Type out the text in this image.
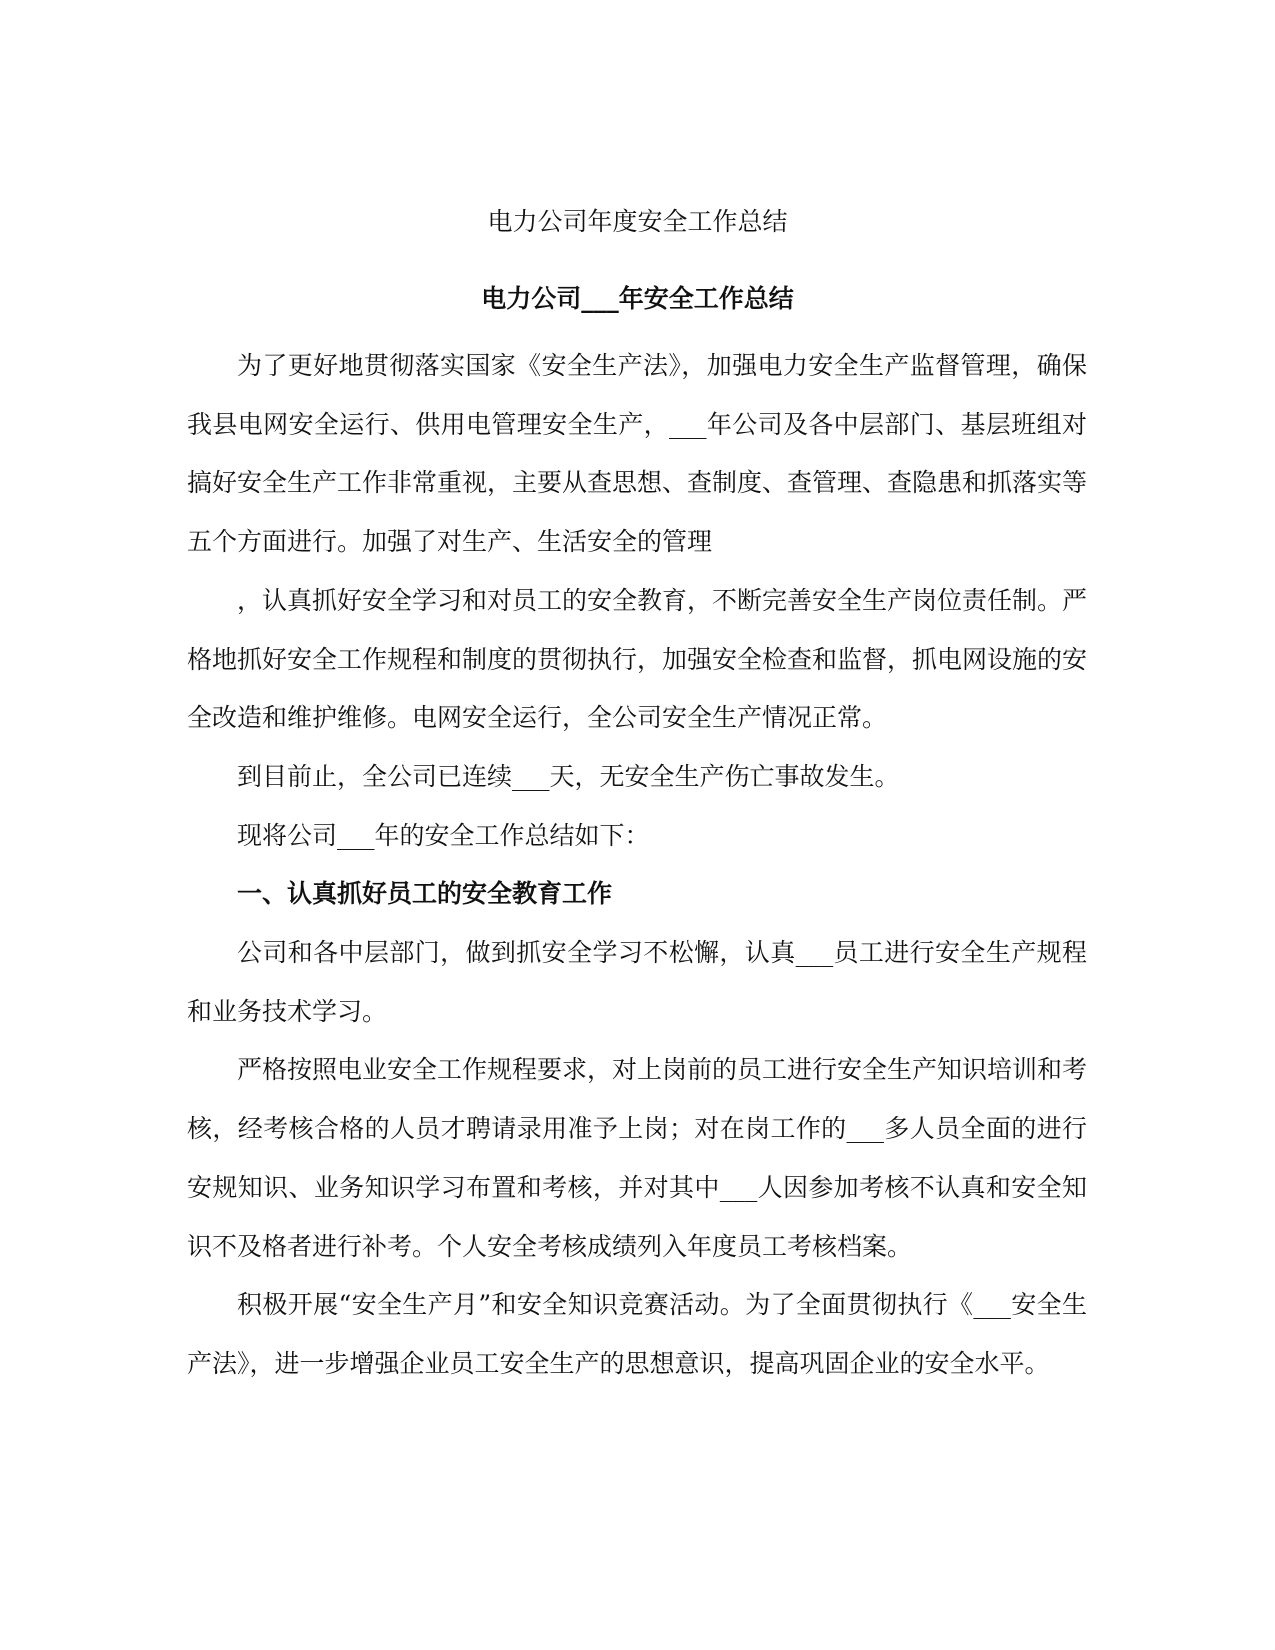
电力公司年度安全工作总结
电力公司___年安全工作总结

为了更好地贯彻落实国家《安全生产法》，加强电力安全生产监督管理，确保我县电网安全运行、供用电管理安全生产，___年公司及各中层部门、基层班组对搞好安全生产工作非常重视，主要从查思想、查制度、查管理、查隐患和抓落实等五个方面进行。加强了对生产、生活安全的管理

，认真抓好安全学习和对员工的安全教育，不断完善安全生产岗位责任制。严格地抓好安全工作规程和制度的贯彻执行，加强安全检查和监督，抓电网设施的安全改造和维护维修。电网安全运行，全公司安全生产情况正常。

到目前止，全公司已连续___天，无安全生产伤亡事故发生。

现将公司___年的安全工作总结如下：

一、认真抓好员工的安全教育工作

公司和各中层部门，做到抓安全学习不松懈，认真___员工进行安全生产规程和业务技术学习。

严格按照电业安全工作规程要求，对上岗前的员工进行安全生产知识培训和考核，经考核合格的人员才聘请录用准予上岗；对在岗工作的___多人员全面的进行安规知识、业务知识学习布置和考核，并对其中___人因参加考核不认真和安全知识不及格者进行补考。个人安全考核成绩列入年度员工考核档案。

积极开展“安全生产月”和安全知识竞赛活动。为了全面贯彻执行《___安全生产法》，进一步增强企业员工安全生产的思想意识，提高巩固企业的安全水平。
